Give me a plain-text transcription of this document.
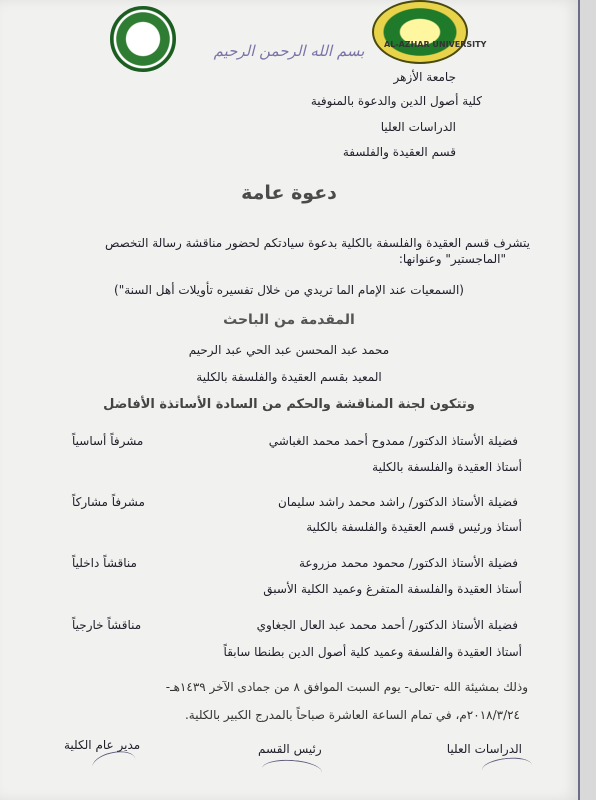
AL-AZHAR UNIVERSITY
بسم الله الرحمن الرحيم
جامعة الأزهر
كلية أصول الدين والدعوة بالمنوفية
الدراسات العليا
قسم العقيدة والفلسفة
دعوة عامة
يتشرف قسم العقيدة والفلسفة بالكلية بدعوة سيادتكم لحضور مناقشة رسالة التخصص
"الماجستير" وعنوانها:
(السمعيات عند الإمام الما تريدي من خلال تفسيره تأويلات أهل السنة")
المقدمة من الباحث
محمد عبد المحسن عبد الحي عبد الرحيم
المعيد بقسم العقيدة والفلسفة بالكلية
وتتكون لجنة المناقشة والحكم من السادة الأساتذة الأفاضل
فضيلة الأستاذ الدكتور/ ممدوح أحمد محمد الغباشي
مشرفاً أساسياً
أستاذ العقيدة والفلسفة بالكلية
فضيلة الأستاذ الدكتور/ راشد محمد راشد سليمان
مشرفاً مشاركاً
أستاذ ورئيس قسم العقيدة والفلسفة بالكلية
فضيلة الأستاذ الدكتور/ محمود محمد مزروعة
مناقشاً داخلياً
أستاذ العقيدة والفلسفة المتفرغ وعميد الكلية الأسبق
فضيلة الأستاذ الدكتور/ أحمد محمد عبد العال الجغاوي
مناقشاً خارجياً
أستاذ العقيدة والفلسفة وعميد كلية أصول الدين بطنطا سابقاً
وذلك بمشيئة الله -تعالى- يوم السبت الموافق ٨ من جمادى الآخر ١٤٣٩هـ-
٢٠١٨/٣/٢٤م، في تمام الساعة العاشرة صباحاً بالمدرج الكبير بالكلية.
الدراسات العليا
رئيس القسم
مدير عام الكلية
